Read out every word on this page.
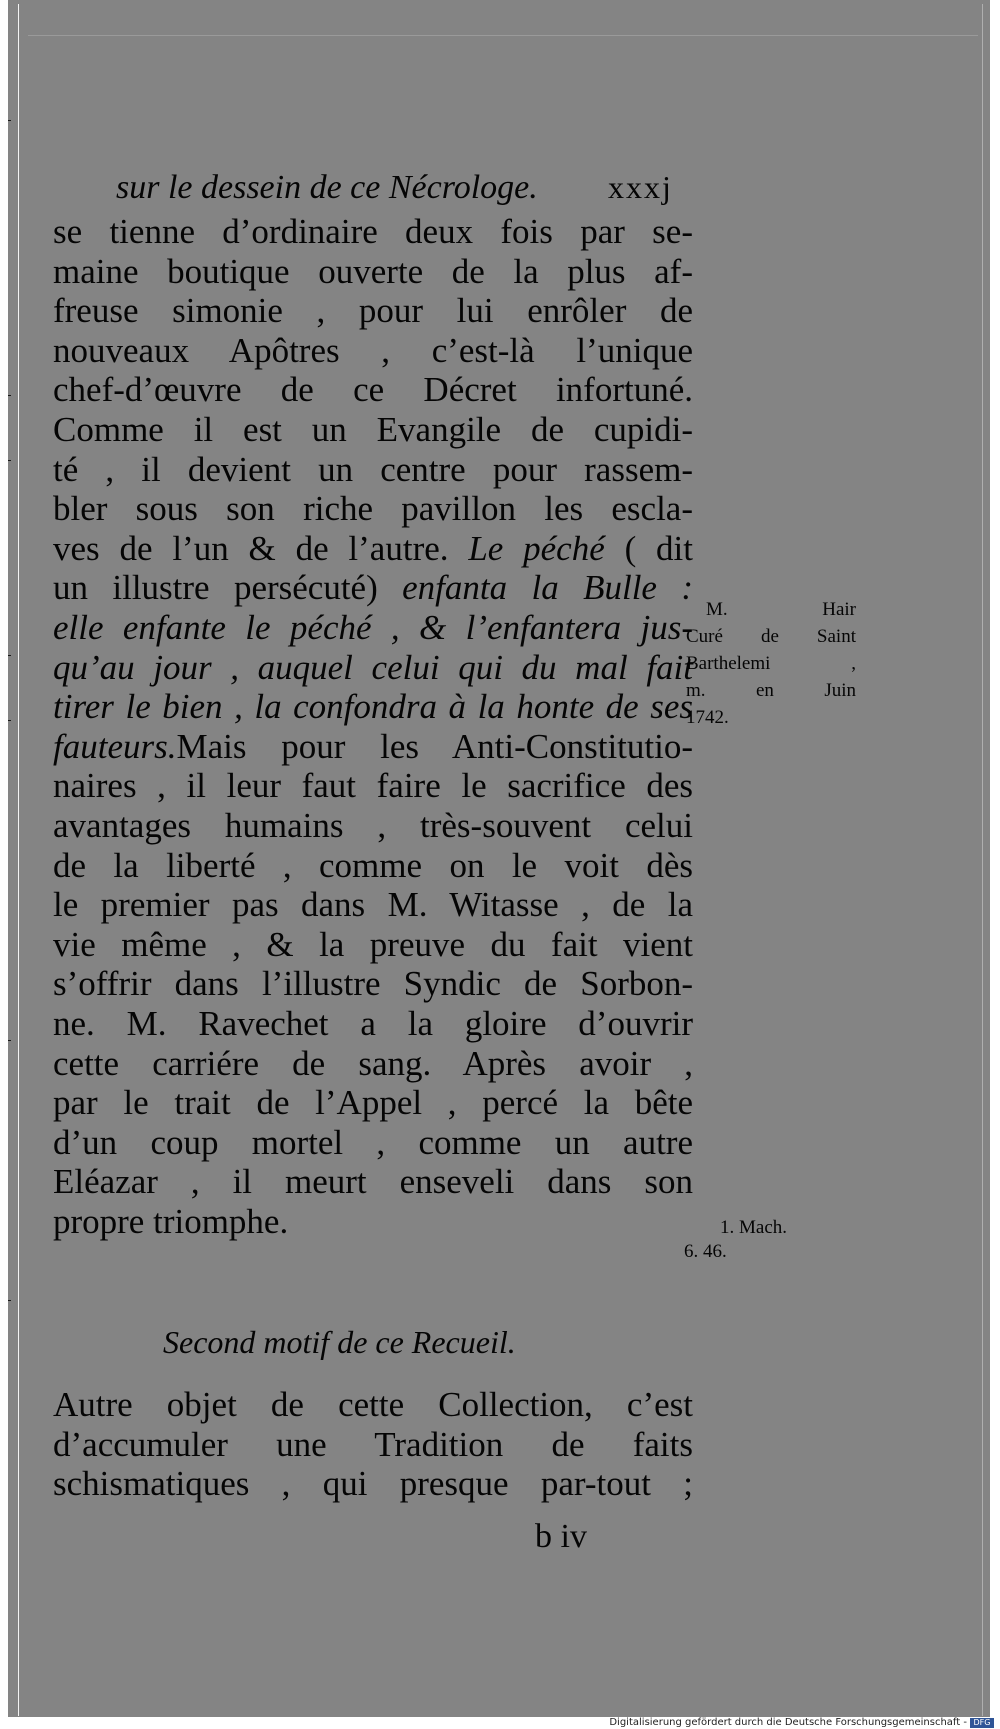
sur le dessein de ce Nécrologe. xxxj
se tienne d’ordinaire deux fois par se-
maine boutique ouverte de la plus af-
freuse simonie , pour lui enrôler de
nouveaux Apôtres , c’est-là l’unique
chef-d’œuvre de ce Décret infortuné.
Comme il est un Evangile de cupidi-
té , il devient un centre pour rassem-
bler sous son riche pavillon les escla-
ves de l’un & de l’autre. Le péché ( dit
un illustre persécuté) enfanta la Bulle :
elle enfante le péché , & l’enfantera jus-
qu’au jour , auquel celui qui du mal fait
tirer le bien , la confondra à la honte de ses
fauteurs.Mais pour les Anti-Constitutio-
naires , il leur faut faire le sacrifice des
avantages humains , très-souvent celui
de la liberté , comme on le voit dès
le premier pas dans M. Witasse , de la
vie même , & la preuve du fait vient
s’offrir dans l’illustre Syndic de Sorbon-
ne. M. Ravechet a la gloire d’ouvrir
cette carriére de sang. Après avoir ,
par le trait de l’Appel , percé la bête
d’un coup mortel , comme un autre
Eléazar , il meurt enseveli dans son
propre triomphe.
Second motif de ce Recueil.
Autre objet de cette Collection, c’est
d’accumuler une Tradition de faits
schismatiques , qui presque par-tout ;
b iv
M. Hair
Curé de Saint
Barthelemi ,
m. en Juin
1742.
1. Mach.
6. 46.
Digitalisierung gefördert durch die Deutsche Forschungsgemeinschaft - DFG
